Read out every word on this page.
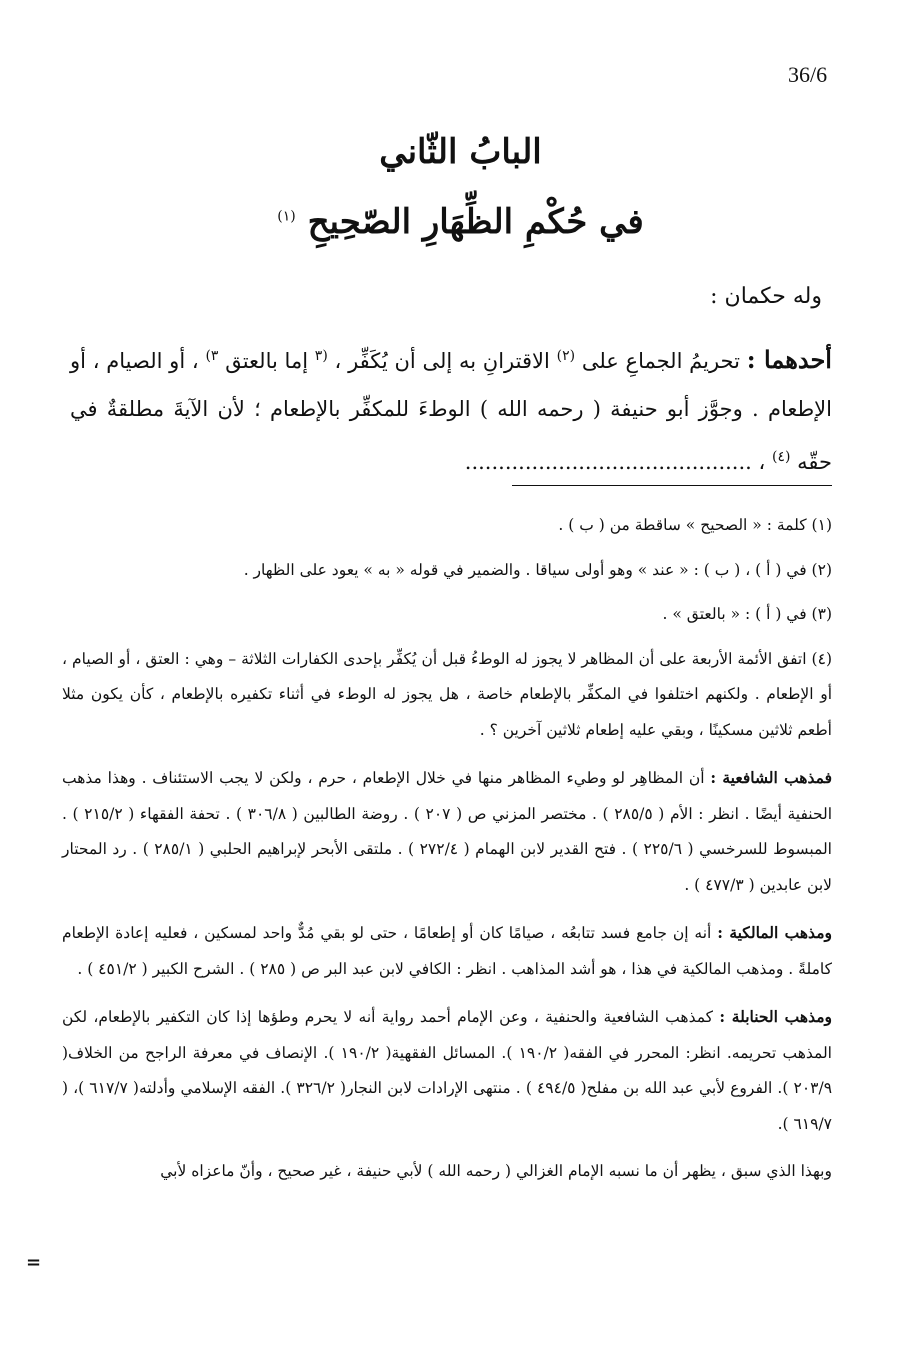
36/6
البابُ الثّاني
في حُكْمِ الظِّهَارِ الصّحِيحِ $^{(١)}$
وله حكمان :
أحدهما : تحريمُ الجماعِ على $^{(٢)}$ الاقترانِ به إلى أن يُكَفِّر ، $^{(٣}$ إما بالعتق $^{٣)}$ ، أو الصيام ، أو الإطعام . وجوَّز أبو حنيفة ( رحمه الله ) الوطءَ للمكفِّر بالإطعام ؛ لأن الآيةَ مطلقةٌ في حقّه $^{(٤)}$ ، ...........................................

(١) كلمة : « الصحيح » ساقطة من ( ب ) .

(٢) في ( أ ) ، ( ب ) : « عند » وهو أولى سياقا . والضمير في قوله « به » يعود على الظهار .

(٣) في ( أ ) : « بالعتق » .

(٤) اتفق الأئمة الأربعة على أن المظاهر لا يجوز له الوطءُ قبل أن يُكفِّر بإحدى الكفارات الثلاثة – وهي : العتق ، أو الصيام ، أو الإطعام . ولكنهم اختلفوا في المكفِّر بالإطعام خاصة ، هل يجوز له الوطء في أثناء تكفيره بالإطعام ، كأن يكون مثلا أطعم ثلاثين مسكينًا ، وبقي عليه إطعام ثلاثين آخرين ؟ .

فمذهب الشافعية : أن المظاهِر لو وطيء المظاهر منها في خلال الإطعام ، حرم ، ولكن لا يجب الاستئناف . وهذا مذهب الحنفية أيضًا . انظر : الأم ( ٢٨٥/٥ ) . مختصر المزني ص ( ٢٠٧ ) . روضة الطالبين ( ٣٠٦/٨ ) . تحفة الفقهاء ( ٢١٥/٢ ) . المبسوط للسرخسي ( ٢٢٥/٦ ) . فتح القدير لابن الهمام ( ٢٧٢/٤ ) . ملتقى الأبحر لإبراهيم الحلبي ( ٢٨٥/١ ) . رد المحتار لابن عابدين ( ٤٧٧/٣ ) .

ومذهب المالكية : أنه إن جامع فسد تتابعُه ، صيامًا كان أو إطعامًا ، حتى لو بقي مُدٌّ واحد لمسكين ، فعليه إعادة الإطعام كاملةً . ومذهب المالكية في هذا ، هو أشد المذاهب . انظر : الكافي لابن عبد البر ص ( ٢٨٥ ) . الشرح الكبير ( ٤٥١/٢ ) .

ومذهب الحنابلة : كمذهب الشافعية والحنفية ، وعن الإمام أحمد رواية أنه لا يحرم وطؤها إذا كان التكفير بالإطعام، لكن المذهب تحريمه. انظر: المحرر في الفقه( ١٩٠/٢ ). المسائل الفقهية( ١٩٠/٢ ). الإنصاف في معرفة الراجح من الخلاف( ٢٠٣/٩ ). الفروع لأبي عبد الله بن مفلح( ٤٩٤/٥ ) . منتهى الإرادات لابن النجار( ٣٢٦/٢ ). الفقه الإسلامي وأدلته( ٦١٧/٧ )، ( ٦١٩/٧ ).

وبهذا الذي سبق ، يظهر أن ما نسبه الإمام الغزالي ( رحمه الله ) لأبي حنيفة ، غير صحيح ، وأنّ ماعزاه لأبي

=
